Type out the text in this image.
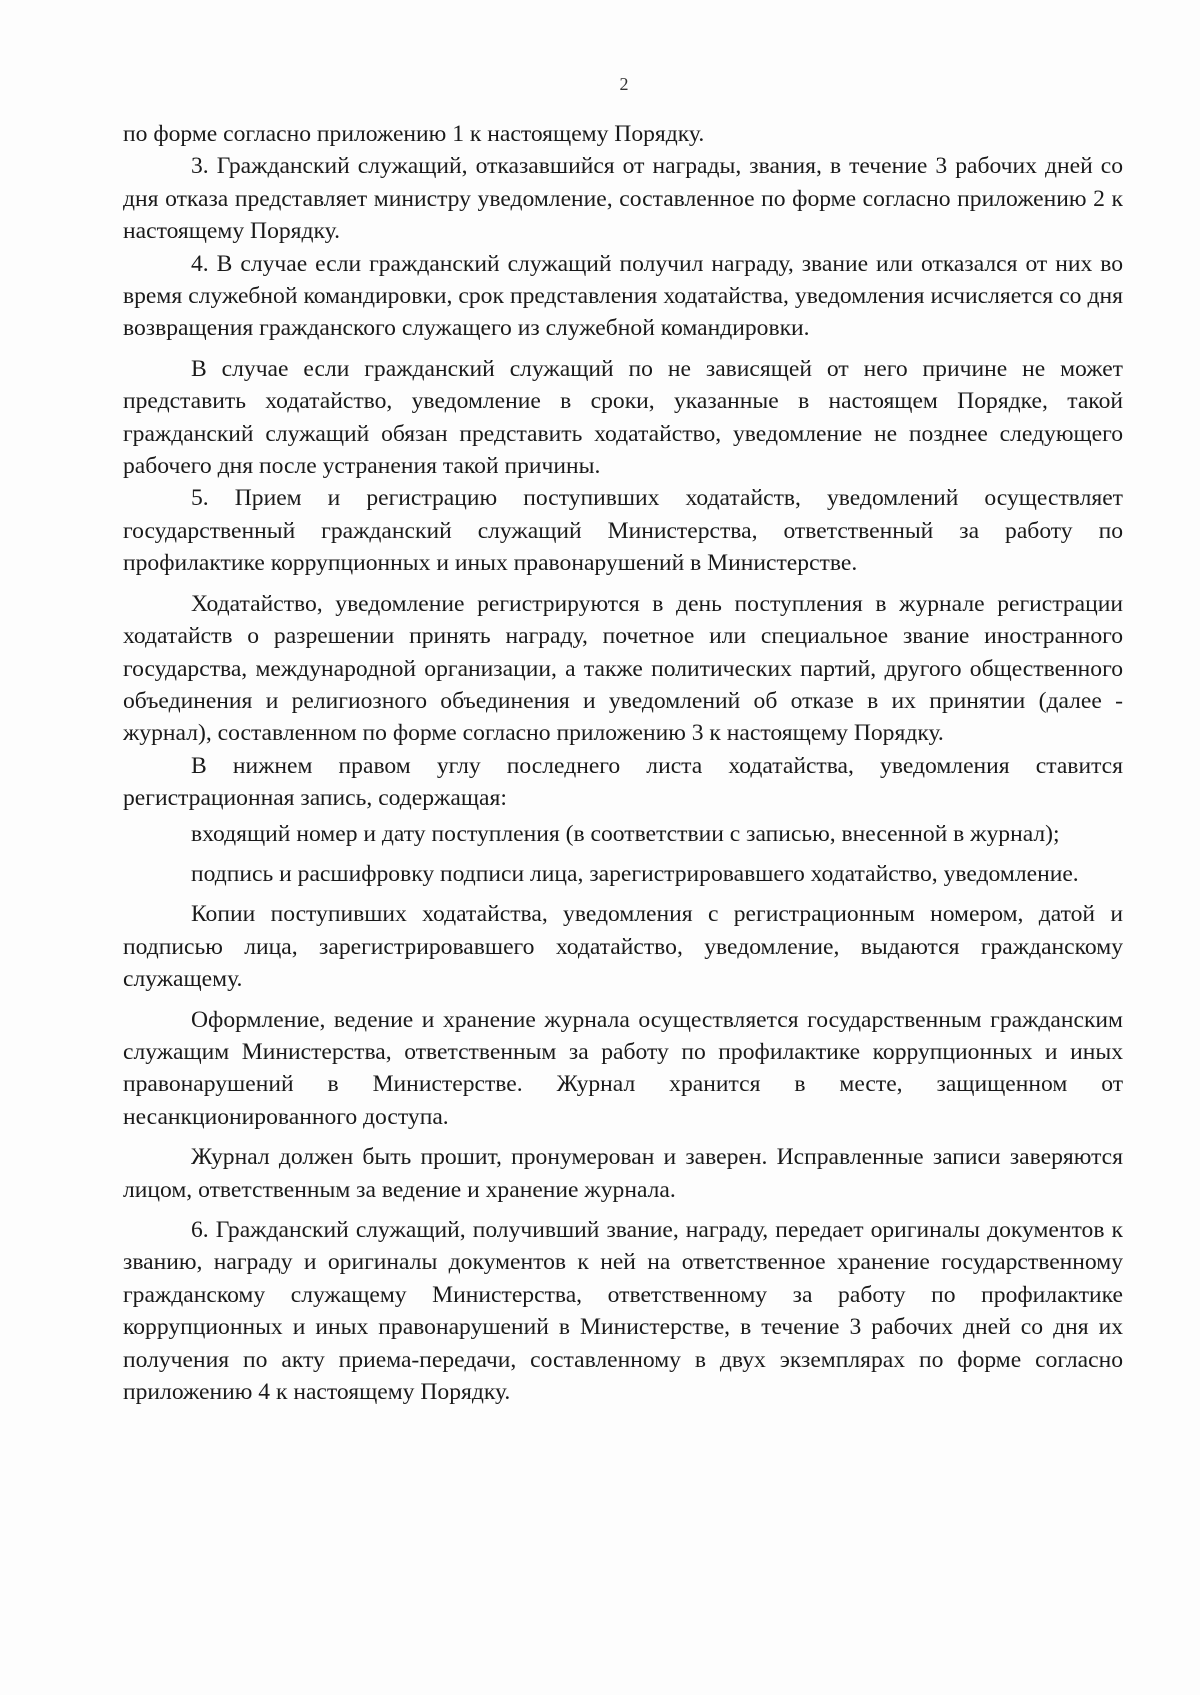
2

по форме согласно приложению 1 к настоящему Порядку.

3. Гражданский служащий, отказавшийся от награды, звания, в течение 3 рабочих дней со дня отказа представляет министру уведомление, составленное по форме согласно приложению 2 к настоящему Порядку.

4. В случае если гражданский служащий получил награду, звание или отказался от них во время служебной командировки, срок представления ходатайства, уведомления исчисляется со дня возвращения гражданского служащего из служебной командировки.

В случае если гражданский служащий по не зависящей от него причине не может представить ходатайство, уведомление в сроки, указанные в настоящем Порядке, такой гражданский служащий обязан представить ходатайство, уведомление не позднее следующего рабочего дня после устранения такой причины.

5. Прием и регистрацию поступивших ходатайств, уведомлений осуществляет государственный гражданский служащий Министерства, ответственный за работу по профилактике коррупционных и иных правонарушений в Министерстве.

Ходатайство, уведомление регистрируются в день поступления в журнале регистрации ходатайств о разрешении принять награду, почетное или специальное звание иностранного государства, международной организации, а также политических партий, другого общественного объединения и религиозного объединения и уведомлений об отказе в их принятии (далее - журнал), составленном по форме согласно приложению 3 к настоящему Порядку.

В нижнем правом углу последнего листа ходатайства, уведомления ставится регистрационная запись, содержащая:

входящий номер и дату поступления (в соответствии с записью, внесенной в журнал);

подпись и расшифровку подписи лица, зарегистрировавшего ходатайство, уведомление.

Копии поступивших ходатайства, уведомления с регистрационным номером, датой и подписью лица, зарегистрировавшего ходатайство, уведомление, выдаются гражданскому служащему.

Оформление, ведение и хранение журнала осуществляется государственным гражданским служащим Министерства, ответственным за работу по профилактике коррупционных и иных правонарушений в Министерстве. Журнал хранится в месте, защищенном от несанкционированного доступа.

Журнал должен быть прошит, пронумерован и заверен. Исправленные записи заверяются лицом, ответственным за ведение и хранение журнала.

6. Гражданский служащий, получивший звание, награду, передает оригиналы документов к званию, награду и оригиналы документов к ней на ответственное хранение государственному гражданскому служащему Министерства, ответственному за работу по профилактике коррупционных и иных правонарушений в Министерстве, в течение 3 рабочих дней со дня их получения по акту приема-передачи, составленному в двух экземплярах по форме согласно приложению 4 к настоящему Порядку.
